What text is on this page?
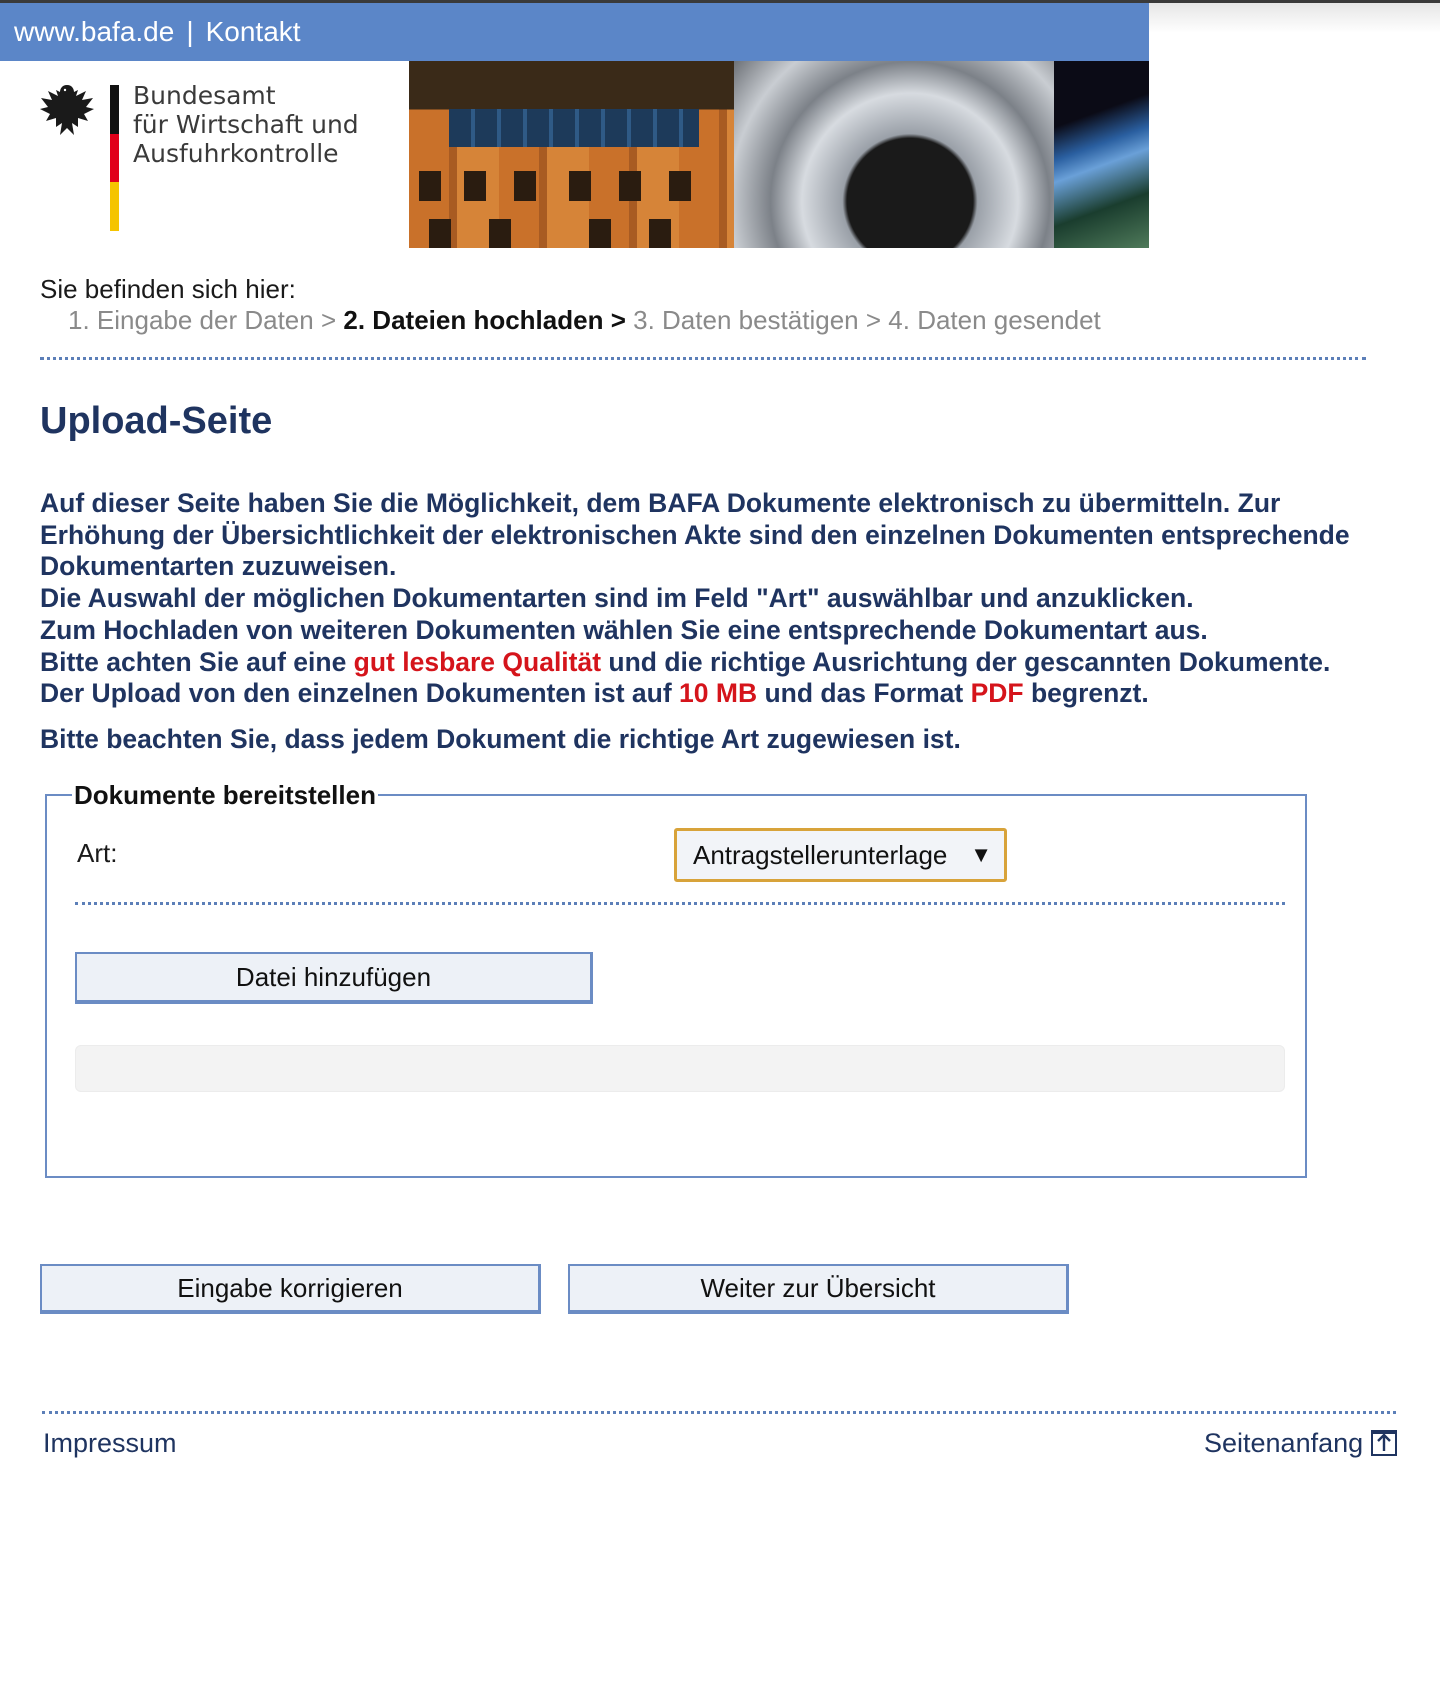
www.bafa.de | Kontakt
Bundesamt
für Wirtschaft und
Ausfuhrkontrolle
Sie befinden sich hier:
1. Eingabe der Daten > 2. Dateien hochladen > 3. Daten bestätigen > 4. Daten gesendet
Upload-Seite

Auf dieser Seite haben Sie die Möglichkeit, dem BAFA Dokumente elektronisch zu übermitteln. Zur Erhöhung der Übersichtlichkeit der elektronischen Akte sind den einzelnen Dokumenten entsprechende Dokumentarten zuzuweisen.

Die Auswahl der möglichen Dokumentarten sind im Feld "Art" auswählbar und anzuklicken.

Zum Hochladen von weiteren Dokumenten wählen Sie eine entsprechende Dokumentart aus.

Bitte achten Sie auf eine gut lesbare Qualität und die richtige Ausrichtung der gescannten Dokumente.

Der Upload von den einzelnen Dokumenten ist auf 10 MB und das Format PDF begrenzt.

Bitte beachten Sie, dass jedem Dokument die richtige Art zugewiesen ist.
Dokumente bereitstellen
Art:	Antragstellerunterlage ▼
Datei hinzufügen
Eingabe korrigieren	Weiter zur Übersicht
Impressum	Seitenanfang
